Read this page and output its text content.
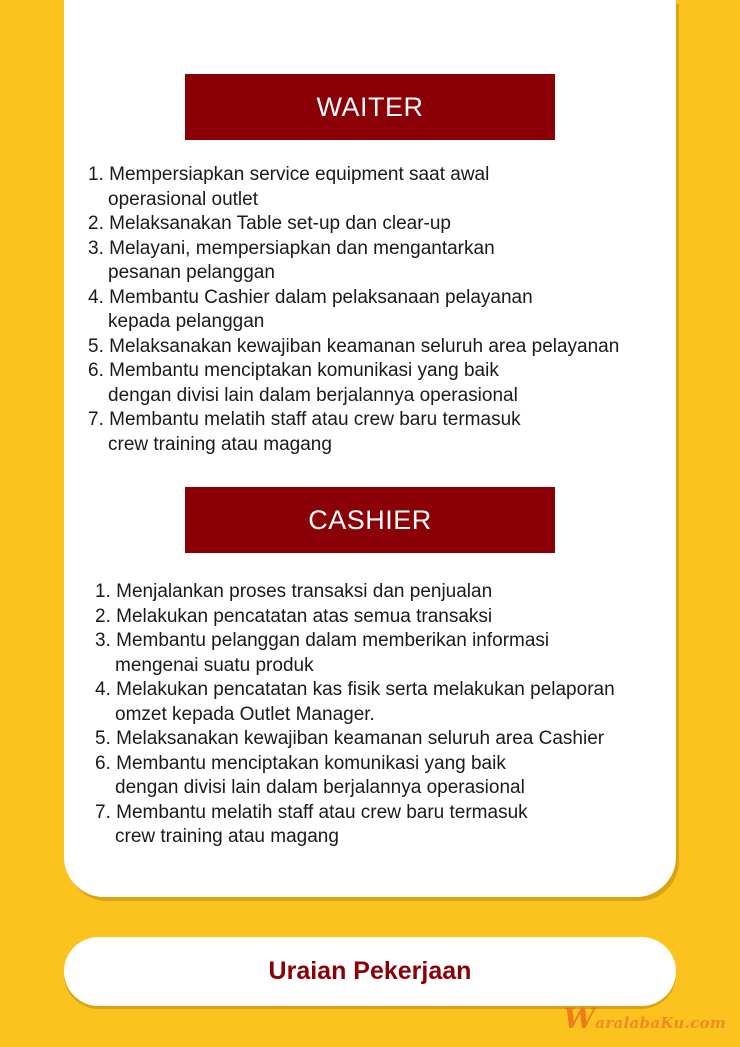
WAITER
1. Mempersiapkan service equipment saat awal
operasional outlet
2. Melaksanakan Table set-up dan clear-up
3. Melayani, mempersiapkan dan mengantarkan
pesanan pelanggan
4. Membantu Cashier dalam pelaksanaan pelayanan
kepada pelanggan
5. Melaksanakan kewajiban keamanan seluruh area pelayanan
6. Membantu menciptakan komunikasi yang baik
dengan divisi lain dalam berjalannya operasional
7. Membantu melatih staff atau crew baru termasuk
crew training atau magang
CASHIER
1. Menjalankan proses transaksi dan penjualan
2. Melakukan pencatatan atas semua transaksi
3. Membantu pelanggan dalam memberikan informasi
mengenai suatu produk
4. Melakukan pencatatan kas fisik serta melakukan pelaporan
omzet kepada Outlet Manager.
5. Melaksanakan kewajiban keamanan seluruh area Cashier
6. Membantu menciptakan komunikasi yang baik
dengan divisi lain dalam berjalannya operasional
7. Membantu melatih staff atau crew baru termasuk
crew training atau magang
Uraian Pekerjaan
WaralabaKu.com
